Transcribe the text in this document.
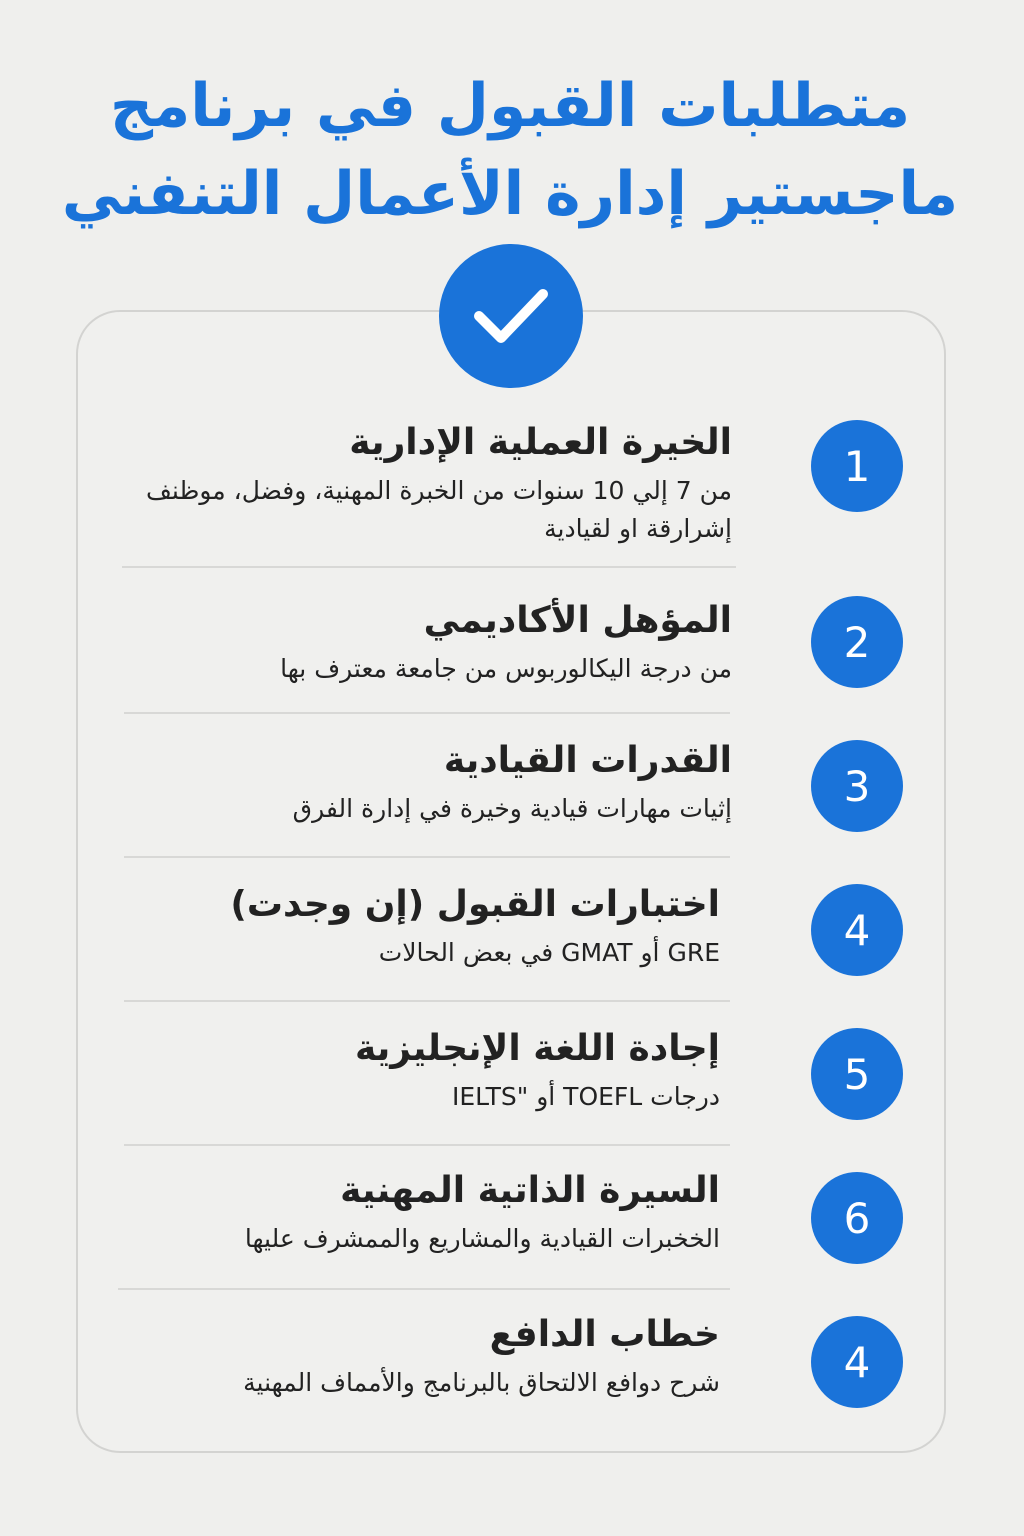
متطلبات القبول في برنامج
ماجستير إدارة الأعمال التنفني
1
الخيرة العملية الإدارية
من 7 إلي 10 سنوات من الخبرة المهنية، وفضل، موظنف إشرارقة او لقيادية
2
المؤهل الأكاديمي
من درجة اليكالوربوس من جامعة معترف بها
3
القدرات القيادية
إثيات مهارات قيادية وخيرة في إدارة الفرق
4
اختبارات القبول (إن وجدت)
GRE أو GMAT في بعض الحالات
5
إجادة اللغة الإنجليزية
درجات TOEFL أو "IELTS
6
السيرة الذاتية المهنية
الخخبرات القيادية والمشاريع والممشرف عليها
4
خطاب الدافع
شرح دوافع الالتحاق بالبرنامج والأمماف المهنية
